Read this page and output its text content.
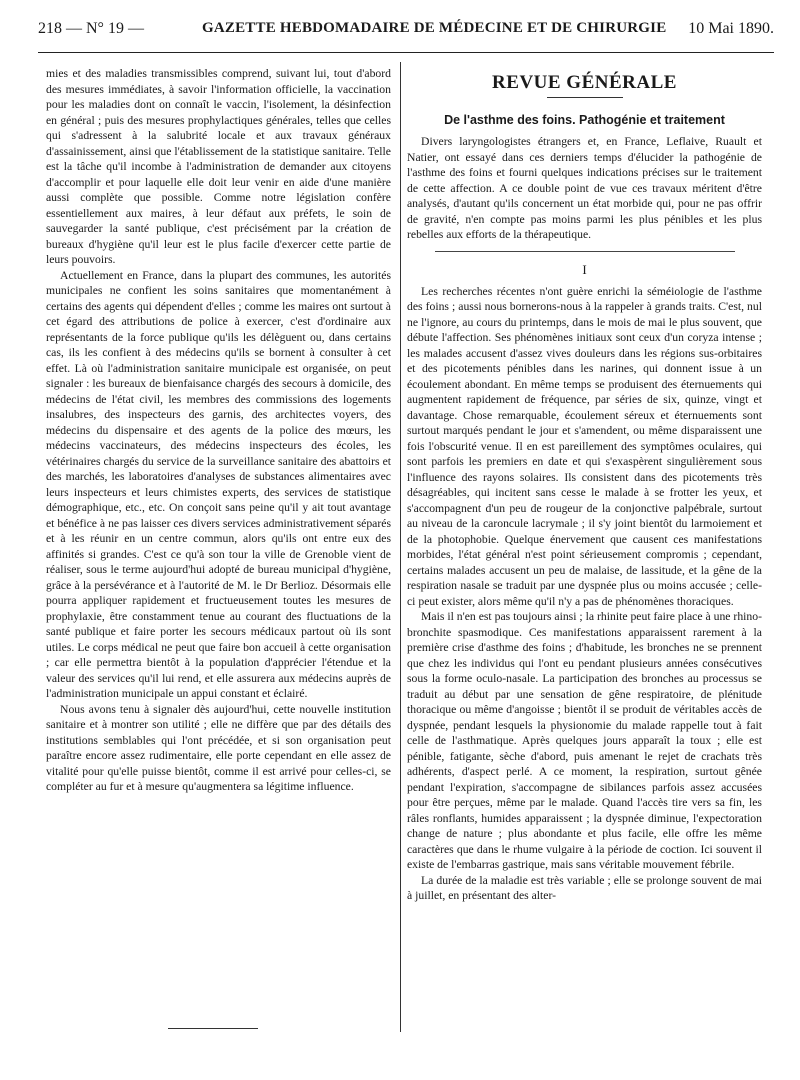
218 — N° 19 —	GAZETTE HEBDOMADAIRE DE MÉDECINE ET DE CHIRURGIE 10 Mai 1890.

mies et des maladies transmissibles comprend, suivant lui, tout d'abord des mesures immédiates, à savoir l'information officielle, la vaccination pour les maladies dont on connaît le vaccin, l'isolement, la désinfection en général ; puis des mesures prophylactiques générales, telles que celles qui s'adressent à la salubrité locale et aux travaux généraux d'assainissement, ainsi que l'établissement de la statistique sanitaire. Telle est la tâche qu'il incombe à l'administration de demander aux citoyens d'accomplir et pour laquelle elle doit leur venir en aide d'une manière aussi complète que possible. Comme notre législation confère essentiellement aux maires, à leur défaut aux préfets, le soin de sauvegarder la santé publique, c'est précisément par la création de bureaux d'hygiène qu'il leur est le plus facile d'exercer cette partie de leurs pouvoirs.

Actuellement en France, dans la plupart des communes, les autorités municipales ne confient les soins sanitaires que momentanément à certains des agents qui dépendent d'elles ; comme les maires ont surtout à cet égard des attributions de police à exercer, c'est d'ordinaire aux représentants de la force publique qu'ils les délèguent ou, dans certains cas, ils les confient à des médecins qu'ils se bornent à consulter à cet effet. Là où l'administration sanitaire municipale est organisée, on peut signaler : les bureaux de bienfaisance chargés des secours à domicile, des médecins de l'état civil, les membres des commissions des logements insalubres, des inspecteurs des garnis, des architectes voyers, des médecins du dispensaire et des agents de la police des mœurs, les médecins vaccinateurs, des médecins inspecteurs des écoles, les vétérinaires chargés du service de la surveillance sanitaire des abattoirs et des marchés, les laboratoires d'analyses de substances alimentaires avec leurs inspecteurs et leurs chimistes experts, des services de statistique démographique, etc., etc. On conçoit sans peine qu'il y ait tout avantage et bénéfice à ne pas laisser ces divers services administrativement séparés et à les réunir en un centre commun, alors qu'ils ont entre eux des affinités si grandes. C'est ce qu'à son tour la ville de Grenoble vient de réaliser, sous le terme aujourd'hui adopté de bureau municipal d'hygiène, grâce à la persévérance et à l'autorité de M. le Dr Berlioz. Désormais elle pourra appliquer rapidement et fructueusement toutes les mesures de prophylaxie, être constamment tenue au courant des fluctuations de la santé publique et faire porter les secours médicaux partout où ils sont utiles. Le corps médical ne peut que faire bon accueil à cette organisation ; car elle permettra bientôt à la population d'apprécier l'étendue et la valeur des services qu'il lui rend, et elle assurera aux médecins auprès de l'administration municipale un appui constant et éclairé.

Nous avons tenu à signaler dès aujourd'hui, cette nouvelle institution sanitaire et à montrer son utilité ; elle ne diffère que par des détails des institutions semblables qui l'ont précédée, et si son organisation peut paraître encore assez rudimentaire, elle porte cependant en elle assez de vitalité pour qu'elle puisse bientôt, comme il est arrivé pour celles-ci, se compléter au fur et à mesure qu'augmentera sa légitime influence.

REVUE GÉNÉRALE
De l'asthme des foins. Pathogénie et traitement

Divers laryngologistes étrangers et, en France, Leflaive, Ruault et Natier, ont essayé dans ces derniers temps d'élucider la pathogénie de l'asthme des foins et fourni quelques indications précises sur le traitement de cette affection. A ce double point de vue ces travaux méritent d'être analysés, d'autant qu'ils concernent un état morbide qui, pour ne pas offrir de gravité, n'en compte pas moins parmi les plus pénibles et les plus rebelles aux efforts de la thérapeutique.

I

Les recherches récentes n'ont guère enrichi la séméiologie de l'asthme des foins ; aussi nous bornerons-nous à la rappeler à grands traits. C'est, nul ne l'ignore, au cours du printemps, dans le mois de mai le plus souvent, que débute l'affection. Ses phénomènes initiaux sont ceux d'un coryza intense ; les malades accusent d'assez vives douleurs dans les régions sus-orbitaires et des picotements pénibles dans les narines, qui donnent issue à un écoulement abondant. En même temps se produisent des éternuements qui augmentent rapidement de fréquence, par séries de six, quinze, vingt et davantage. Chose remarquable, écoulement séreux et éternuements sont surtout marqués pendant le jour et s'amendent, ou même disparaissent une fois l'obscurité venue. Il en est pareillement des symptômes oculaires, qui sont parfois les premiers en date et qui s'exaspèrent singulièrement sous l'influence des rayons solaires. Ils consistent dans des picotements très désagréables, qui incitent sans cesse le malade à se frotter les yeux, et s'accompagnent d'un peu de rougeur de la conjonctive palpébrale, surtout au niveau de la caroncule lacrymale ; il s'y joint bientôt du larmoiement et de la photophobie. Quelque énervement que causent ces manifestations morbides, l'état général n'est point sérieusement compromis ; cependant, certains malades accusent un peu de malaise, de lassitude, et la gêne de la respiration nasale se traduit par une dyspnée plus ou moins accusée ; celle-ci peut exister, alors même qu'il n'y a pas de phénomènes thoraciques.

Mais il n'en est pas toujours ainsi ; la rhinite peut faire place à une rhino-bronchite spasmodique. Ces manifestations apparaissent rarement à la première crise d'asthme des foins ; d'habitude, les bronches ne se prennent que chez les individus qui l'ont eu pendant plusieurs années consécutives sous la forme oculo-nasale. La participation des bronches au processus se traduit au début par une sensation de gêne respiratoire, de plénitude thoracique ou même d'angoisse ; bientôt il se produit de véritables accès de dyspnée, pendant lesquels la physionomie du malade rappelle tout à fait celle de l'asthmatique. Après quelques jours apparaît la toux ; elle est pénible, fatigante, sèche d'abord, puis amenant le rejet de crachats très adhérents, d'aspect perlé. A ce moment, la respiration, surtout gênée pendant l'expiration, s'accompagne de sibilances parfois assez accusées pour être perçues, même par le malade. Quand l'accès tire vers sa fin, les râles ronflants, humides apparaissent ; la dyspnée diminue, l'expectoration change de nature ; plus abondante et plus facile, elle offre les même caractères que dans le rhume vulgaire à la période de coction. Ici souvent il existe de l'embarras gastrique, mais sans véritable mouvement fébrile.

La durée de la maladie est très variable ; elle se prolonge souvent de mai à juillet, en présentant des alter-
